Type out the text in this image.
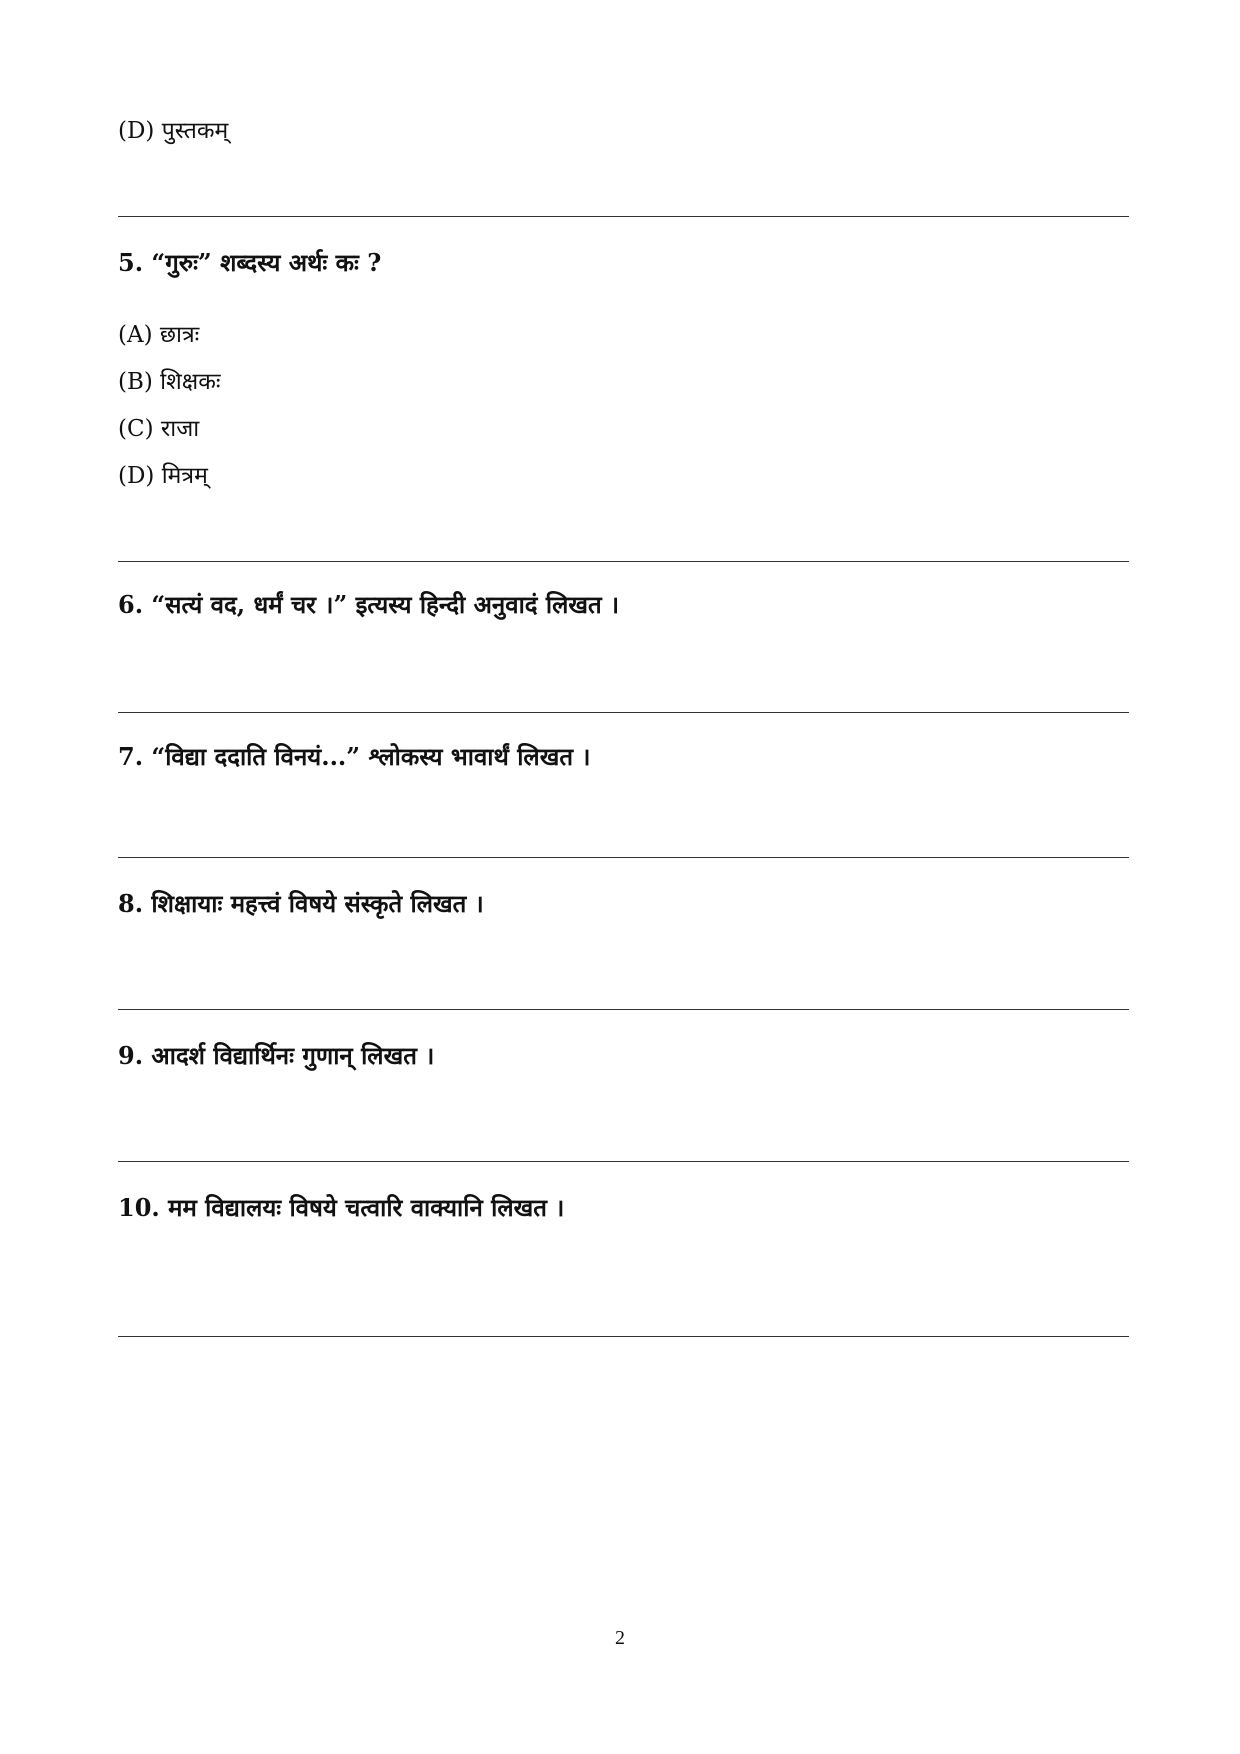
(D) पुस्तकम्
5. “गुरुः” शब्दस्य अर्थः कः ?
(A) छात्रः
(B) शिक्षकः
(C) राजा
(D) मित्रम्
6. “सत्यं वद, धर्मं चर ।” इत्यस्य हिन्दी अनुवादं लिखत ।
7. “विद्या ददाति विनयं...” श्लोकस्य भावार्थं लिखत ।
8. शिक्षायाः महत्त्वं विषये संस्कृते लिखत ।
9. आदर्श विद्यार्थिनः गुणान् लिखत ।
10. मम विद्यालयः विषये चत्वारि वाक्यानि लिखत ।
2
